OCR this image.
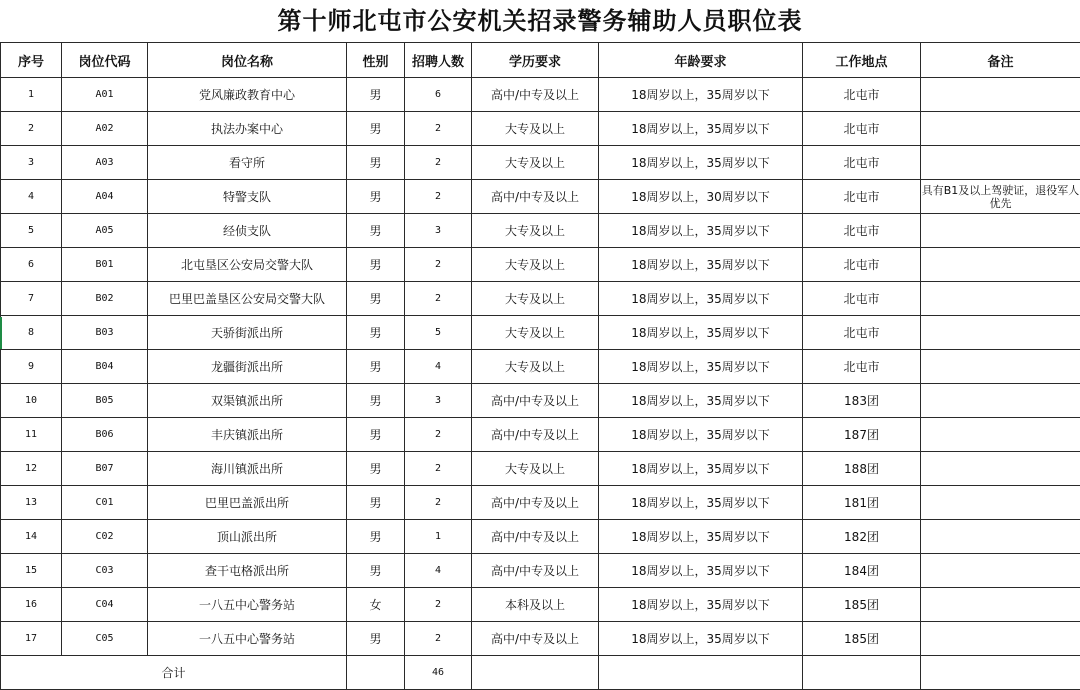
第十师北屯市公安机关招录警务辅助人员职位表
序号	岗位代码	岗位名称	性别	招聘人数	学历要求	年龄要求	工作地点	备注
1	A01	党风廉政教育中心	男	6	高中/中专及以上	18周岁以上，35周岁以下	北屯市	
2	A02	执法办案中心	男	2	大专及以上	18周岁以上，35周岁以下	北屯市	
3	A03	看守所	男	2	大专及以上	18周岁以上，35周岁以下	北屯市	
4	A04	特警支队	男	2	高中/中专及以上	18周岁以上，30周岁以下	北屯市	具有B1及以上驾驶证，退役军人优先
5	A05	经侦支队	男	3	大专及以上	18周岁以上，35周岁以下	北屯市	
6	B01	北屯垦区公安局交警大队	男	2	大专及以上	18周岁以上，35周岁以下	北屯市	
7	B02	巴里巴盖垦区公安局交警大队	男	2	大专及以上	18周岁以上，35周岁以下	北屯市	
8	B03	天骄街派出所	男	5	大专及以上	18周岁以上，35周岁以下	北屯市	
9	B04	龙疆街派出所	男	4	大专及以上	18周岁以上，35周岁以下	北屯市	
10	B05	双渠镇派出所	男	3	高中/中专及以上	18周岁以上，35周岁以下	183团	
11	B06	丰庆镇派出所	男	2	高中/中专及以上	18周岁以上，35周岁以下	187团	
12	B07	海川镇派出所	男	2	大专及以上	18周岁以上，35周岁以下	188团	
13	C01	巴里巴盖派出所	男	2	高中/中专及以上	18周岁以上，35周岁以下	181团	
14	C02	顶山派出所	男	1	高中/中专及以上	18周岁以上，35周岁以下	182团	
15	C03	查干屯格派出所	男	4	高中/中专及以上	18周岁以上，35周岁以下	184团	
16	C04	一八五中心警务站	女	2	本科及以上	18周岁以上，35周岁以下	185团	
17	C05	一八五中心警务站	男	2	高中/中专及以上	18周岁以上，35周岁以下	185团	
合计				46				
